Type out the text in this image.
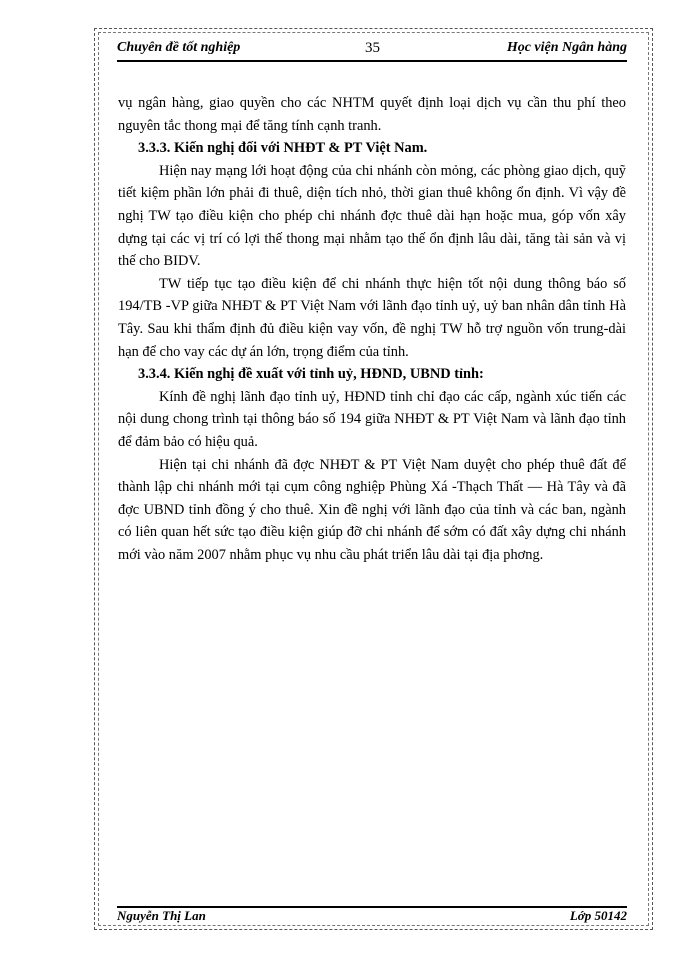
Chuyên đề tốt nghiệp	35	Học viện Ngân hàng

vụ ngân hàng, giao quyền cho các NHTM quyết định loại dịch vụ cần thu phí theo nguyên tắc thong mại để tăng tính cạnh tranh.

3.3.3. Kiến nghị đối với NHĐT & PT Việt Nam.

Hiện nay mạng lới hoạt động của chi nhánh còn mỏng, các phòng giao dịch, quỹ tiết kiệm phần lớn phải đi thuê, diện tích nhỏ, thời gian thuê không ổn định. Vì vậy đề nghị TW tạo điều kiện cho phép chi nhánh đợc thuê dài hạn hoặc mua, góp vốn xây dựng tại các vị trí có lợi thế thong mại nhằm tạo thế ổn định lâu dài, tăng tài sản và vị thế cho BIDV.

TW tiếp tục tạo điều kiện để chi nhánh thực hiện tốt nội dung thông báo số 194/TB -VP giữa NHĐT & PT Việt Nam với lãnh đạo tỉnh uỷ, uỷ ban nhân dân tỉnh Hà Tây. Sau khi thẩm định đủ điều kiện vay vốn, đề nghị TW hỗ trợ nguồn vốn trung-dài hạn để cho vay các dự án lớn, trọng điểm của tỉnh.

3.3.4. Kiến nghị đề xuất với tỉnh uỷ, HĐND, UBND tỉnh:

Kính đề nghị lãnh đạo tỉnh uỷ, HĐND tỉnh chỉ đạo các cấp, ngành xúc tiến các nội dung chong trình tại thông báo số 194 giữa NHĐT & PT Việt Nam và lãnh đạo tỉnh để đảm bảo có hiệu quả.

Hiện tại chi nhánh đã đợc NHĐT & PT Việt Nam duyệt cho phép thuê đất để thành lập chi nhánh mới tại cụm công nghiệp Phùng Xá -Thạch Thất — Hà Tây và đã đợc UBND tỉnh đồng ý cho thuê. Xin đề nghị với lãnh đạo của tỉnh và các ban, ngành có liên quan hết sức tạo điều kiện giúp đỡ chi nhánh để sớm có đất xây dựng chi nhánh mới vào năm 2007 nhằm phục vụ nhu cầu phát triển lâu dài tại địa phơng.

Nguyễn Thị Lan	Lớp 50142
